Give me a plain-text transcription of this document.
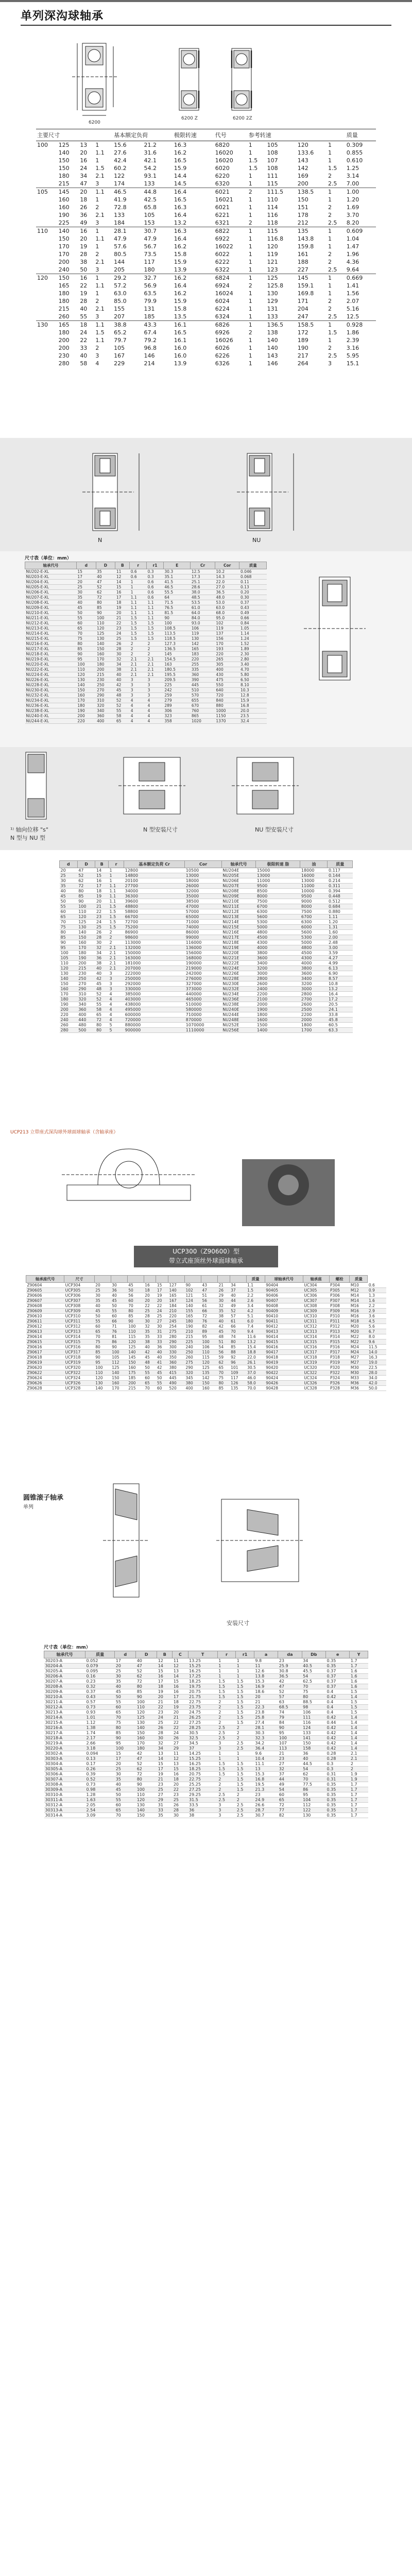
单列深沟球轴承
6200
6200 Z	6200 2Z
主要尺寸				基本额定负荷		极限转速	代号	参考转速				质量
100	125	13	1	15.6	21.2	16.3	6820	1	105	120	1	0.309
	140	20	1.1	27.6	31.6	16.2	16020	1	108	133.6	1	0.855
	150	16	1	42.4	42.1	16.5	16020	1.5	107	143	1	0.610
	150	24	1.5	60.2	54.2	15.9	6020	1.5	108	142	1.5	1.25
	180	34	2.1	122	93.1	14.4	6220	1	111	169	2	3.14
	215	47	3	174	133	14.5	6320	1	115	200	2.5	7.00
105	145	20	1.1	46.5	44.8	16.4	6021	2	111.5	138.5	1	1.00
	160	18	1	41.9	42.5	16.5	16021	1	110	150	1	1.20
	160	26	2	72.8	65.8	16.3	6021	1	114	151	2	1.69
	190	36	2.1	133	105	16.4	6221	1	116	178	2	3.70
	225	49	3	184	153	13.2	6321	2	118	212	2.5	8.20
110	140	16	1	28.1	30.7	16.3	6822	1	115	135	1	0.609
	150	20	1.1	47.9	47.9	16.4	6922	1	116.8	143.8	1	1.04
	170	19	1	57.6	56.7	16.2	16022	1	120	159.8	1	1.47
	170	28	2	80.5	73.5	15.8	6022	1	119	161	2	1.96
	200	38	2.1	144	117	15.9	6222	1	121	188	2	4.36
	240	50	3	205	180	13.9	6322	1	123	227	2.5	9.64
120	150	16	1	29.2	32.7	16.2	6824	1	125	145	1	0.669
	165	22	1.1	57.2	56.9	16.4	6924	2	125.8	159.1	1	1.41
	180	19	1	63.0	63.5	16.2	16024	1	130	169.8	1	1.56
	180	28	2	85.0	79.9	15.9	6024	1	129	171	2	2.07
	215	40	2.1	155	131	15.8	6224	1	131	204	2	5.16
	260	55	3	207	185	13.5	6324	1	133	247	2.5	12.5
130	165	18	1.1	38.8	43.3	16.1	6826	1	136.5	158.5	1	0.928
	180	24	1.5	65.2	67.4	16.5	6926	2	138	172	1.5	1.86
	200	22	1.1	79.7	79.2	16.1	16026	1	140	189	1	2.39
	200	33	2	105	96.8	16.0	6026	1	140	190	2	3.16
	230	40	3	167	146	16.0	6226	1	143	217	2.5	5.95
	280	58	4	229	214	13.9	6326	1	146	264	3	15.1
N	NU
尺寸表（单位：mm）
轴承代号	d	D	B	r	r1	E	Cr	Cor	质量
NU202-E-XL	15	35	11	0.6	0.3	30.3	12.5	10.2	0.046
NU203-E-XL	17	40	12	0.6	0.3	35.1	17.3	14.3	0.068
NU204-E-XL	20	47	14	1	0.6	41.5	25.1	22.0	0.11
NU205-E-XL	25	52	15	1	0.6	46.5	28.6	27.0	0.13
NU206-E-XL	30	62	16	1	0.6	55.5	38.0	36.5	0.20
NU207-E-XL	35	72	17	1.1	0.6	64	48.5	48.0	0.30
NU208-E-XL	40	80	18	1.1	1.1	71.5	53.5	53.0	0.37
NU209-E-XL	45	85	19	1.1	1.1	76.5	61.0	63.0	0.43
NU210-E-XL	50	90	20	1.1	1.1	81.5	64.0	68.0	0.49
NU211-E-XL	55	100	21	1.5	1.1	90	84.0	95.0	0.66
NU212-E-XL	60	110	22	1.5	1.5	100	93.0	102	0.84
NU213-E-XL	65	120	23	1.5	1.5	108.5	106	119	1.05
NU214-E-XL	70	125	24	1.5	1.5	113.5	119	137	1.14
NU215-E-XL	75	130	25	1.5	1.5	118.5	130	156	1.24
NU216-E-XL	80	140	26	2	2	127.3	142	170	1.52
NU217-E-XL	85	150	28	2	2	136.5	165	193	1.89
NU218-E-XL	90	160	30	2	2	145	183	220	2.30
NU219-E-XL	95	170	32	2.1	2.1	154.5	220	265	2.80
NU220-E-XL	100	180	34	2.1	2.1	163	255	305	3.40
NU222-E-XL	110	200	38	2.1	2.1	180.5	335	400	4.70
NU224-E-XL	120	215	40	2.1	2.1	195.5	360	430	5.80
NU226-E-XL	130	230	40	3	3	209.5	390	475	6.50
NU228-E-XL	140	250	42	3	3	225	445	550	8.10
NU230-E-XL	150	270	45	3	3	242	510	640	10.3
NU232-E-XL	160	290	48	3	3	259	570	720	12.8
NU234-E-XL	170	310	52	4	4	279	655	840	15.9
NU236-E-XL	180	320	52	4	4	289	670	880	16.8
NU238-E-XL	190	340	55	4	4	306	760	1000	20.0
NU240-E-XL	200	360	58	4	4	323	865	1150	23.5
NU244-E-XL	220	400	65	4	4	358	1020	1370	32.4
¹⁾ 轴向位移 "s"
N 型与 NU 型
N 型安装尺寸	NU 型安装尺寸
d	D	B	r	基本额定负荷 Cr	Cor	轴承代号	极限转速 脂	油	质量
20	47	14	1	12800	10500	NU204E	15000	18000	0.117
25	52	15	1	14800	13000	NU205E	13000	16000	0.144
30	62	16	1	20100	18000	NU206E	11000	13000	0.214
35	72	17	1.1	27700	26000	NU207E	9500	11000	0.311
40	80	18	1.1	34000	32000	NU208E	8500	10000	0.394
45	85	19	1.1	36300	35000	NU209E	8000	9500	0.448
50	90	20	1.1	39600	38500	NU210E	7500	9000	0.512
55	100	21	1.5	48800	47000	NU211E	6700	8000	0.684
60	110	22	1.5	58800	57000	NU212E	6300	7500	0.880
65	120	23	1.5	66700	65000	NU213E	5600	6700	1.11
70	125	24	1.5	72700	71000	NU214E	5300	6300	1.20
75	130	25	1.5	75200	74000	NU215E	5000	6000	1.31
80	140	26	2	86900	86000	NU216E	4800	5600	1.60
85	150	28	2	98600	99000	NU217E	4500	5300	2.00
90	160	30	2	113000	116000	NU218E	4300	5000	2.48
95	170	32	2.1	132000	136000	NU219E	4000	4800	3.00
100	180	34	2.1	150000	156000	NU220E	3800	4500	3.59
105	190	36	2.1	163000	168000	NU221E	3600	4300	4.27
110	200	38	2.1	181000	190000	NU222E	3400	4000	4.99
120	215	40	2.1	207000	219000	NU224E	3200	3800	6.13
130	230	40	3	222000	242000	NU226E	3000	3600	6.90
140	250	42	3	250000	276000	NU228E	2800	3400	8.57
150	270	45	3	292000	327000	NU230E	2600	3200	10.8
160	290	48	3	330000	373000	NU232E	2400	3000	13.2
170	310	52	4	385000	440000	NU234E	2200	2800	16.4
180	320	52	4	403000	465000	NU236E	2100	2700	17.2
190	340	55	4	438000	510000	NU238E	2000	2600	20.5
200	360	58	4	495000	580000	NU240E	1900	2500	24.1
220	400	65	4	600000	710000	NU244E	1800	2200	33.8
240	440	72	4	720000	870000	NU248E	1600	2000	45.8
260	480	80	5	880000	1070000	NU252E	1500	1800	60.5
280	500	80	5	900000	1110000	NU256E	1400	1700	63.3
UCP213 立带座式深沟球外球面球轴承（含轴承座）
UCP300（Z90600）型
带立式座顶丝外球面球轴承
轴承座代号	尺寸											质量	球轴承代号	轴承座	螺栓	质量	
Z90604	UCP304	20	30	45	16	15	127	90	43	21	34	1.1	90404	UC304	P304	M10	0.6
Z90605	UCP305	25	36	50	18	17	140	102	47	26	37	1.5	90405	UC305	P305	M12	0.9
Z90606	UCP306	30	40	56	20	19	165	121	51	29	40	2.2	90406	UC306	P306	M14	1.3
Z90607	UCP307	35	45	60	20	20	167	124	56	30	44	2.6	90407	UC307	P307	M14	1.6
Z90608	UCP308	40	50	70	22	22	184	140	61	32	49	3.4	90408	UC308	P308	M16	2.2
Z90609	UCP309	45	55	80	25	24	210	155	66	35	52	4.2	90409	UC309	P309	M16	2.9
Z90610	UCP310	50	60	85	28	25	220	165	72	38	57	5.1	90410	UC310	P310	M16	3.6
Z90611	UCP311	55	66	90	30	27	245	180	76	40	61	6.0	90411	UC311	P311	M18	4.5
Z90612	UCP312	60	71	100	32	30	254	190	82	42	66	7.4	90412	UC312	P312	M20	5.6
Z90613	UCP313	65	76	110	35	31	275	210	89	45	70	9.4	90413	UC313	P313	M20	6.7
Z90614	UCP314	70	81	115	35	33	280	215	95	48	74	11.6	90414	UC314	P314	M22	8.0
Z90615	UCP315	75	86	120	38	33	290	225	100	51	80	13.2	90415	UC315	P315	M22	9.6
Z90616	UCP316	80	90	125	40	36	300	240	106	54	85	15.4	90416	UC316	P316	M24	11.5
Z90617	UCP317	85	100	140	42	40	330	250	110	56	88	18.8	90417	UC317	P317	M24	14.0
Z90618	UCP318	90	105	145	45	40	350	260	115	59	92	22.0	90418	UC318	P318	M27	16.3
Z90619	UCP319	95	112	150	48	41	360	275	120	62	96	26.1	90419	UC319	P319	M27	19.0
Z90620	UCP320	100	125	160	50	42	380	290	125	65	101	30.5	90420	UC320	P320	M30	22.5
Z90622	UCP322	110	140	175	55	45	415	320	135	70	109	37.0	90422	UC322	P322	M30	28.0
Z90624	UCP324	120	150	185	60	50	445	345	142	75	117	46.0	90424	UC324	P324	M33	34.0
Z90626	UCP326	130	160	200	65	55	490	380	150	80	126	58.0	90426	UC326	P326	M36	42.0
Z90628	UCP328	140	170	215	70	60	520	400	160	85	135	70.0	90428	UC328	P328	M36	50.0
圆锥滚子轴承
单列
安装尺寸
尺寸表（单位：mm）
轴承代号	质量	d	D	B	C	T	r	r1	a	da	Db	e	Y
30203-A	0.052	17	40	12	11	13.25	1	1	9.8	23	34	0.35	1.7
30204-A	0.079	20	47	14	12	15.25	1	1	11	25.9	40.5	0.35	1.7
30205-A	0.095	25	52	15	13	16.25	1	1	12.6	30.8	45.5	0.37	1.6
30206-A	0.16	30	62	16	14	17.25	1	1	13.8	36.5	54	0.37	1.6
30207-A	0.23	35	72	17	15	18.25	1.5	1.5	15.3	42	62.5	0.37	1.6
30208-A	0.32	40	80	18	16	19.75	1.5	1.5	16.9	47	70	0.37	1.6
30209-A	0.37	45	85	19	16	20.75	1.5	1.5	18.6	52	75	0.4	1.5
30210-A	0.43	50	90	20	17	21.75	1.5	1.5	20	57	80	0.42	1.4
30211-A	0.57	55	100	21	18	22.75	2	1.5	21	63	88.5	0.4	1.5
30212-A	0.73	60	110	22	19	23.75	2	1.5	22.3	68.5	98	0.4	1.5
30213-A	0.93	65	120	23	20	24.75	2	1.5	23.8	74	106	0.4	1.5
30214-A	1.01	70	125	24	21	26.25	2	1.5	25.8	79	111	0.42	1.4
30215-A	1.12	75	130	25	22	27.25	2	1.5	27.4	84	116	0.44	1.4
30216-A	1.38	80	140	26	22	28.25	2.5	2	28.1	90	124	0.42	1.4
30217-A	1.74	85	150	28	24	30.5	2.5	2	30.3	95	133	0.42	1.4
30218-A	2.17	90	160	30	26	32.5	2.5	2	32.3	100	141	0.42	1.4
30219-A	2.66	95	170	32	27	34.5	3	2.5	34.2	107	150	0.42	1.4
30220-A	3.18	100	180	34	29	37	3	2.5	36.4	113	158	0.42	1.4
30302-A	0.094	15	42	13	11	14.25	1	1	9.6	21	36	0.28	2.1
30303-A	0.13	17	47	14	12	15.25	1	1	10.4	23	40	0.28	2.1
30304-A	0.17	20	52	15	13	16.25	1.5	1.5	11.1	27	44.5	0.3	2
30305-A	0.26	25	62	17	15	18.25	1.5	1.5	13	32	54	0.3	2
30306-A	0.39	30	72	19	16	20.75	1.5	1.5	15.3	37	62	0.31	1.9
30307-A	0.52	35	80	21	18	22.75	2	1.5	16.8	44	70	0.31	1.9
30308-A	0.73	40	90	23	20	25.25	2	1.5	19.5	49	77.5	0.35	1.7
30309-A	0.98	45	100	25	22	27.25	2	1.5	21.3	54	86	0.35	1.7
30310-A	1.28	50	110	27	23	29.25	2.5	2	23	60	95	0.35	1.7
30311-A	1.63	55	120	29	25	31.5	2.5	2	24.9	65	104	0.35	1.7
30312-A	2.05	60	130	31	26	33.5	3	2.5	26.6	72	112	0.35	1.7
30313-A	2.54	65	140	33	28	36	3	2.5	28.7	77	122	0.35	1.7
30314-A	3.09	70	150	35	30	38	3	2.5	30.7	82	130	0.35	1.7
